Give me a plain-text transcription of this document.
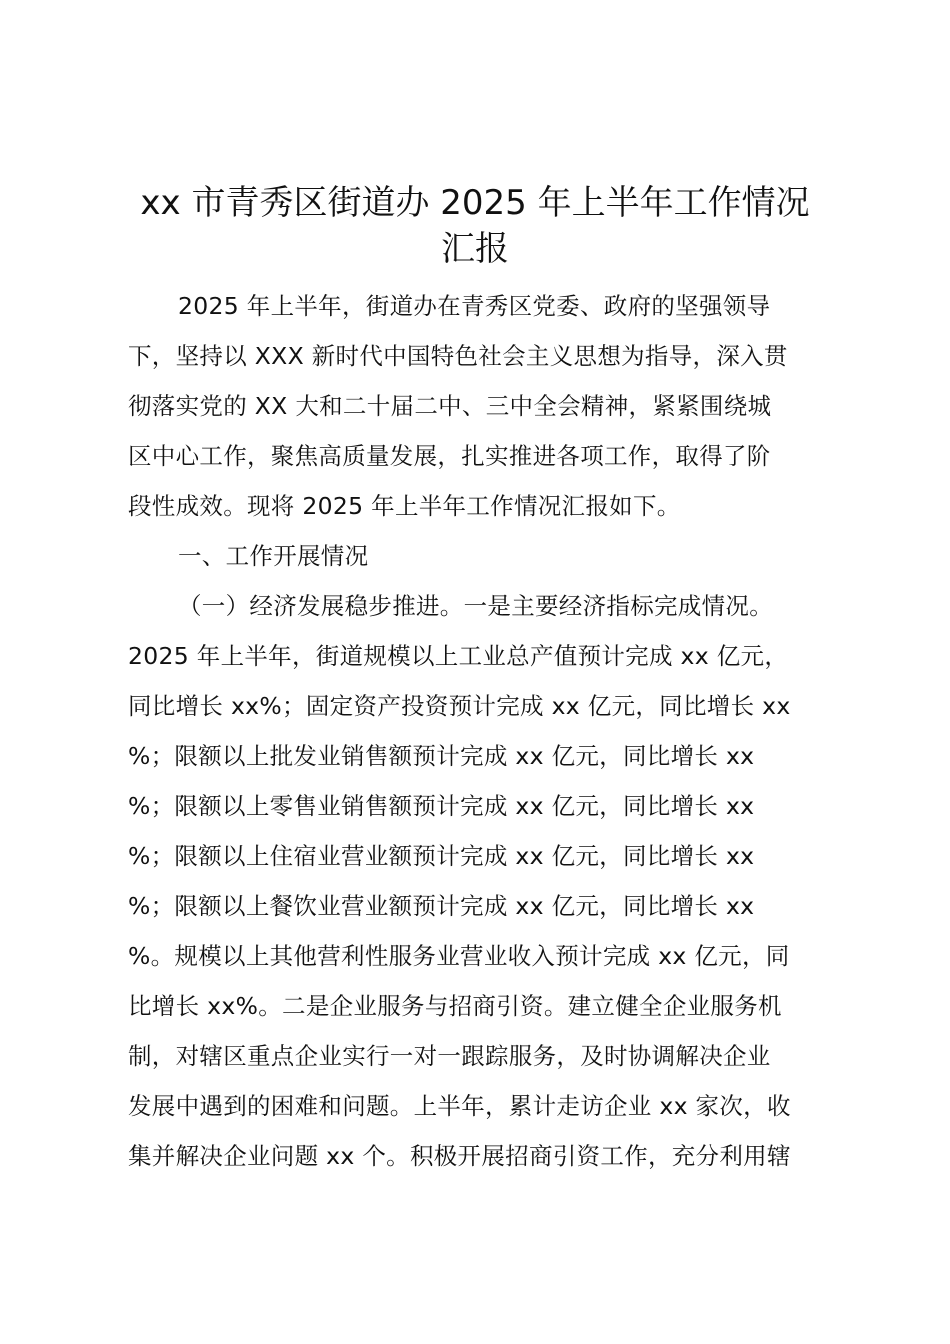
xx 市青秀区街道办 2025 年上半年工作情况
汇报
2025 年上半年，街道办在青秀区党委、政府的坚强领导
下，坚持以 XXX 新时代中国特色社会主义思想为指导，深入贯
彻落实党的 XX 大和二十届二中、三中全会精神，紧紧围绕城
区中心工作，聚焦高质量发展，扎实推进各项工作，取得了阶
段性成效。现将 2025 年上半年工作情况汇报如下。
一、工作开展情况
（一）经济发展稳步推进。一是主要经济指标完成情况。
2025 年上半年，街道规模以上工业总产值预计完成 xx 亿元，
同比增长 xx%；固定资产投资预计完成 xx 亿元，同比增长 xx
%；限额以上批发业销售额预计完成 xx 亿元，同比增长 xx
%；限额以上零售业销售额预计完成 xx 亿元，同比增长 xx
%；限额以上住宿业营业额预计完成 xx 亿元，同比增长 xx
%；限额以上餐饮业营业额预计完成 xx 亿元，同比增长 xx
%。规模以上其他营利性服务业营业收入预计完成 xx 亿元，同
比增长 xx%。二是企业服务与招商引资。建立健全企业服务机
制，对辖区重点企业实行一对一跟踪服务，及时协调解决企业
发展中遇到的困难和问题。上半年，累计走访企业 xx 家次，收
集并解决企业问题 xx 个。积极开展招商引资工作，充分利用辖
